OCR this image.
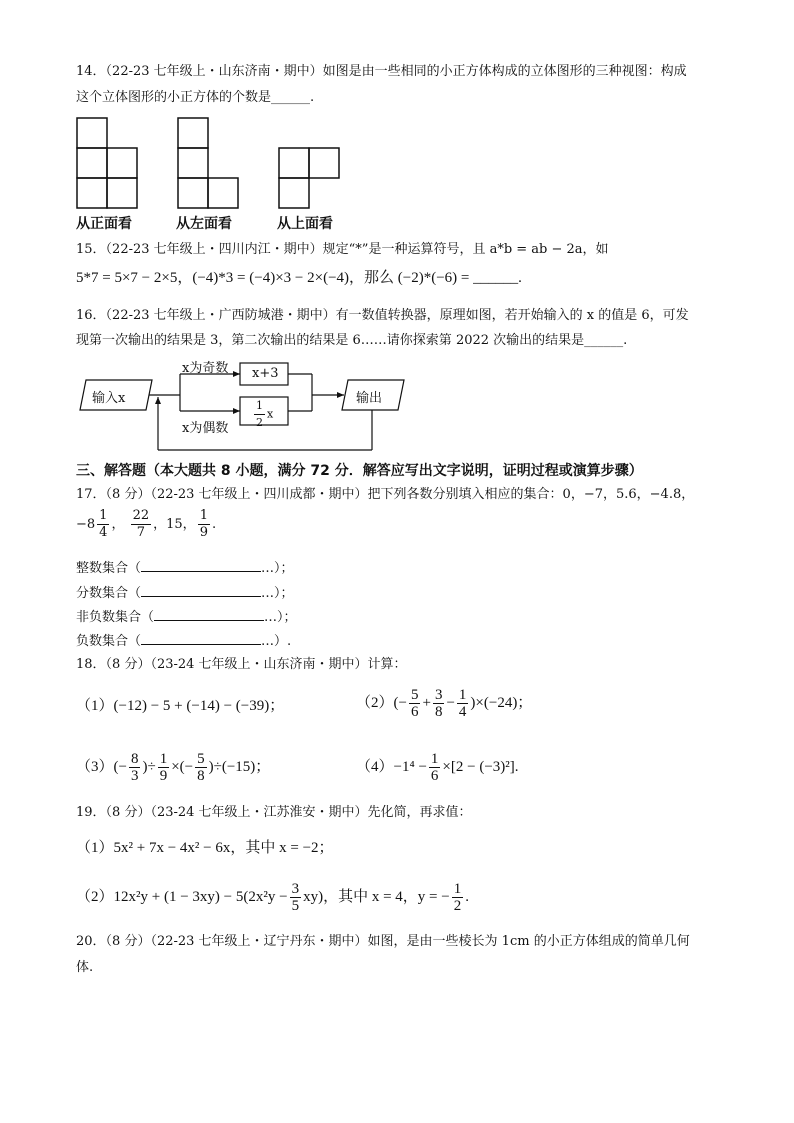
14．（22-23 七年级上・山东济南・期中）如图是由一些相同的小正方体构成的立体图形的三种视图：构成
这个立体图形的小正方体的个数是______.
从正面看	从左面看	从上面看
15．（22-23 七年级上・四川内江・期中）规定“*”是一种运算符号，且 a*b = ab − 2a，如
5*7 = 5×7 − 2×5，(−4)*3 = (−4)×3 − 2×(−4)，那么 (−2)*(−6) = ______.
16．（22-23 七年级上・广西防城港・期中）有一数值转换器，原理如图，若开始输入的 x 的值是 6，可发
现第一次输出的结果是 3，第二次输出的结果是 6……请你探索第 2022 次输出的结果是______.
输入x
x为奇数
x为偶数
x+3
$\frac{1}{2}$ x
输出
三、解答题（本大题共 8 小题，满分 72 分．解答应写出文字说明，证明过程或演算步骤）
17．（8 分）（22-23 七年级上・四川成都・期中）把下列各数分别填入相应的集合：0，−7，5.6，−4.8，
$-8 \frac{1}{4}$ ， $\frac{22}{7}$ ，15， $\frac{1}{9}$ .
整数集合（	…）；
分数集合（	…）；
非负数集合（	…）；
负数集合（	…）.
18．（8 分）（23-24 七年级上・山东济南・期中）计算：
（1）(−12) − 5 + (−14) − (−39)；	$(2)(- \frac{5}{6} + \frac{3}{8} - \frac{1}{4} )\times(-24)$；
$(3)(- \frac{8}{3}$ )÷ $\frac{1}{9}$ ×(− $\frac{5}{8} )\div(-15)$；	$(4)-1^4 - \frac{1}{6} \times[2 - (-3)^2]$.
19．（8 分）（23-24 七年级上・江苏淮安・期中）先化简，再求值：
（1）5x² + 7x − 4x² − 6x，其中 x = −2；
$(2)12x^2y + (1 - 3xy) - 5(2x^2y - \frac{3}{5} xy)$，其中 x = 4，y = − $\frac{1}{2}$ .
20．（8 分）（22-23 七年级上・辽宁丹东・期中）如图，是由一些棱长为 1cm 的小正方体组成的简单几何
体.
